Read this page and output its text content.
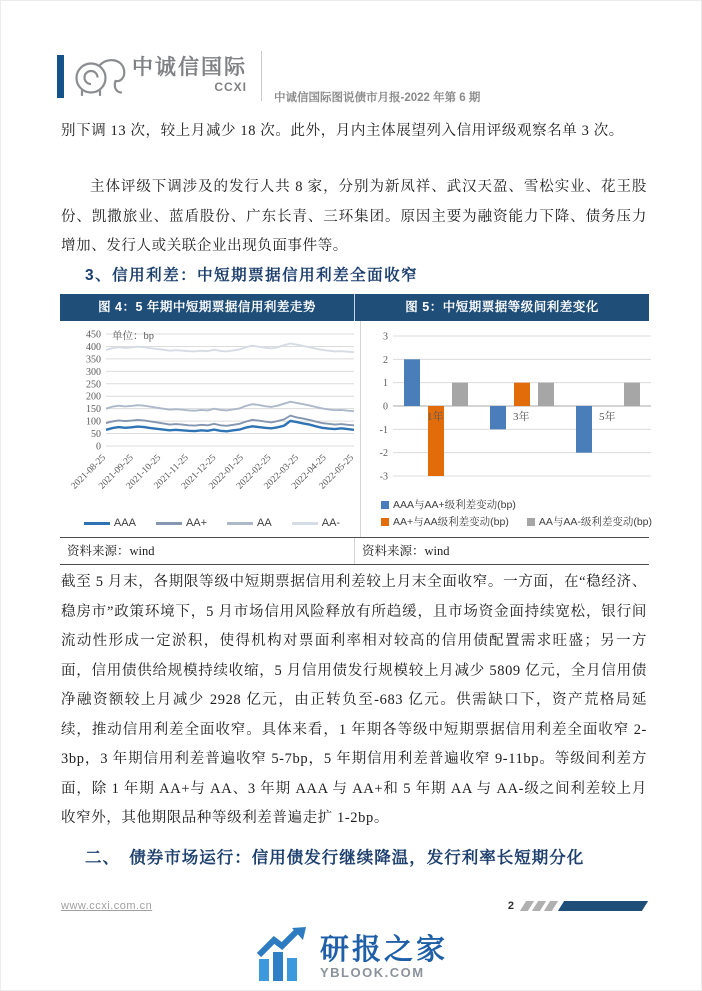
中诚信国际
CCXI
中诚信国际图说债市月报-2022 年第 6 期

别下调 13 次，较上月减少 18 次。此外，月内主体展望列入信用评级观察名单 3 次。

主体评级下调涉及的发行人共 8 家，分别为新凤祥、武汉天盈、雪松实业、花王股份、凯撒旅业、蓝盾股份、广东长青、三环集团。原因主要为融资能力下降、债务压力增加、发行人或关联企业出现负面事件等。

3、信用利差：中短期票据信用利差全面收窄
图 4：5 年期中短期票据信用利差走势	图 5：中短期票据等级间利差变化
0
50
100
150
200
250
300
350
400
450 单位：bp
2021-08-25
2021-09-25
2021-10-25
2021-11-25
2021-12-25
2022-01-25
2022-02-25
2022-03-25
2022-04-25
2022-05-25
AAA	AA+	AA	AA-
-3
-2
-1
0
1
2
3
1年	3年	5年
AAA与AA+级利差变动(bp)
AA+与AA级利差变动(bp)	AA与AA-级利差变动(bp)
资料来源：wind	资料来源：wind

截至 5 月末，各期限等级中短期票据信用利差较上月末全面收窄。一方面，在“稳经济、稳房市”政策环境下，5 月市场信用风险释放有所趋缓，且市场资金面持续宽松，银行间流动性形成一定淤积，使得机构对票面利率相对较高的信用债配置需求旺盛；另一方面，信用债供给规模持续收缩，5 月信用债发行规模较上月减少 5809 亿元，全月信用债净融资额较上月减少 2928 亿元，由正转负至-683 亿元。供需缺口下，资产荒格局延续，推动信用利差全面收窄。具体来看，1 年期各等级中短期票据信用利差全面收窄 2-3bp，3 年期信用利差普遍收窄 5-7bp，5 年期信用利差普遍收窄 9-11bp。等级间利差方面，除 1 年期 AA+与 AA、3 年期 AAA 与 AA+和 5 年期 AA 与 AA-级之间利差较上月收窄外，其他期限品种等级利差普遍走扩 1-2bp。

二、　债券市场运行：信用债发行继续降温，发行利率长短期分化
www.ccxi.com.cn	2
研报之家
YBLOOK.COM
